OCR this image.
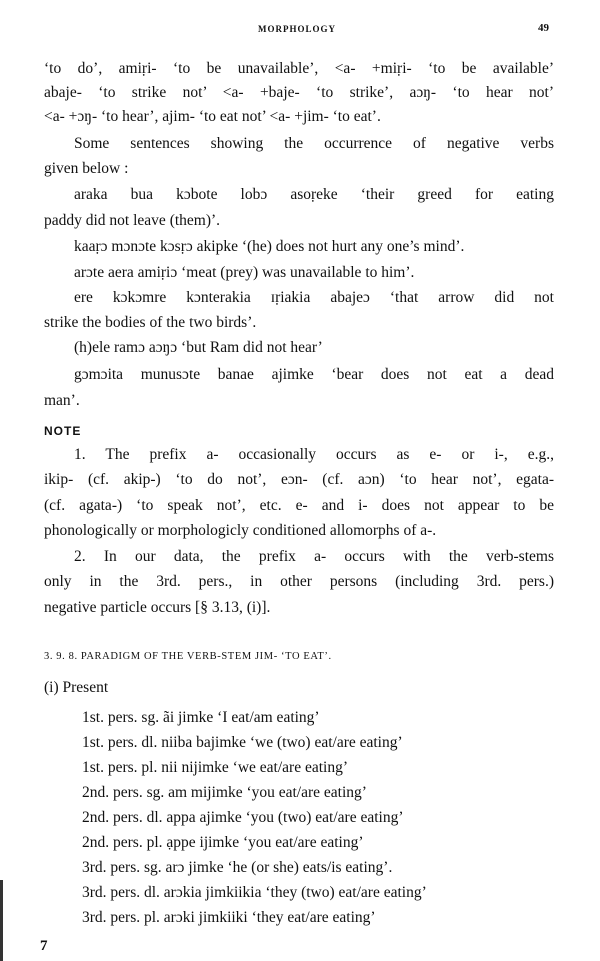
MORPHOLOGY	49
‘to do’, amiṛi- ‘to be unavailable’, <a- +miṛi- ‘to be available’
abaje- ‘to strike not’ <a- +baje- ‘to strike’, aɔŋ- ‘to hear not’
<a- +ɔŋ- ‘to hear’, ajim- ‘to eat not’ <a- +jim- ‘to eat’.
Some sentences showing the occurrence of negative verbs
given below :
araka bua kɔbote lobɔ asoṛeke ‘their greed for eating
paddy did not leave (them)’.
kaaṛɔ mɔnɔte kɔsṛɔ akipke ‘(he) does not hurt any one’s mind’.
arɔte aera amiṛiɔ ‘meat (prey) was unavailable to him’.
ere kɔkɔmre kɔnterakia ɪṛiakia abajeɔ ‘that arrow did not
strike the bodies of the two birds’.
(h)ele ramɔ aɔŋɔ ‘but Ram did not hear’
gɔmɔita munusɔte banae ajimke ‘bear does not eat a dead
man’.
NOTE
1. The prefix a- occasionally occurs as e- or i-, e.g.,
ikip- (cf. akip-) ‘to do not’, eɔn- (cf. aɔn) ‘to hear not’, egata-
(cf. agata-) ‘to speak not’, etc. e- and i- does not appear to be
phonologically or morphologicly conditioned allomorphs of a-.
2. In our data, the prefix a- occurs with the verb-stems
only in the 3rd. pers., in other persons (including 3rd. pers.)
negative particle occurs [§ 3.13, (i)].
3. 9. 8. PARADIGM OF THE VERB-STEM JIM- ‘TO EAT’.
(i) Present
1st. pers. sg. ãi jimke ‘I eat/am eating’
1st. pers. dl. niiba bajimke ‘we (two) eat/are eating’
1st. pers. pl. nii nijimke ‘we eat/are eating’
2nd. pers. sg. am mijimke ‘you eat/are eating’
2nd. pers. dl. appa ajimke ‘you (two) eat/are eating’
2nd. pers. pl. ạppe ijimke ‘you eat/are eating’
3rd. pers. sg. arɔ jimke ‘he (or she) eats/is eating’.
3rd. pers. dl. arɔkia jimkiikia ‘they (two) eat/are eating’
3rd. pers. pl. arɔki jimkiiki ‘they eat/are eating’
7
